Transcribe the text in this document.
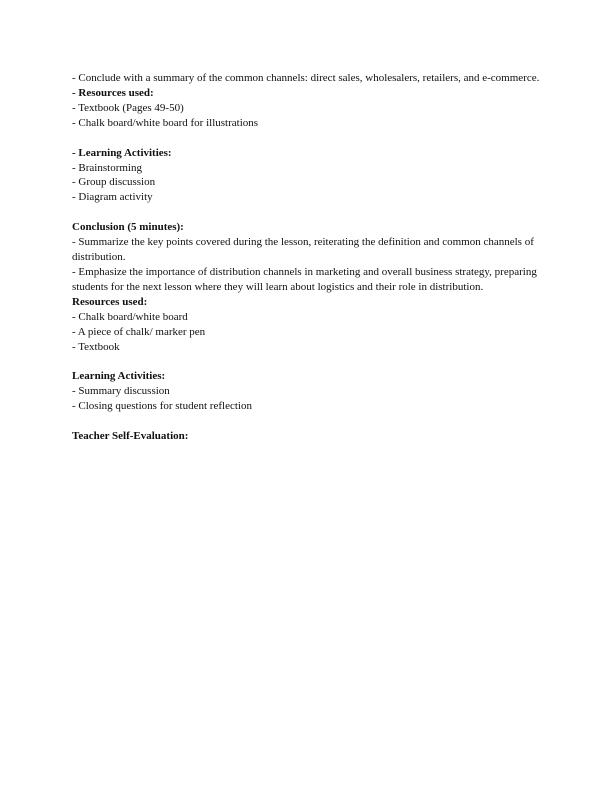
- Conclude with a summary of the common channels: direct sales, wholesalers, retailers, and e-commerce.
- Resources used:
- Textbook (Pages 49-50)
- Chalk board/white board for illustrations
- Learning Activities:
- Brainstorming
- Group discussion
- Diagram activity
Conclusion (5 minutes):
- Summarize the key points covered during the lesson, reiterating the definition and common channels of distribution.
- Emphasize the importance of distribution channels in marketing and overall business strategy, preparing students for the next lesson where they will learn about logistics and their role in distribution.
Resources used:
- Chalk board/white board
- A piece of chalk/ marker pen
- Textbook
Learning Activities:
- Summary discussion
- Closing questions for student reflection
Teacher Self-Evaluation:
